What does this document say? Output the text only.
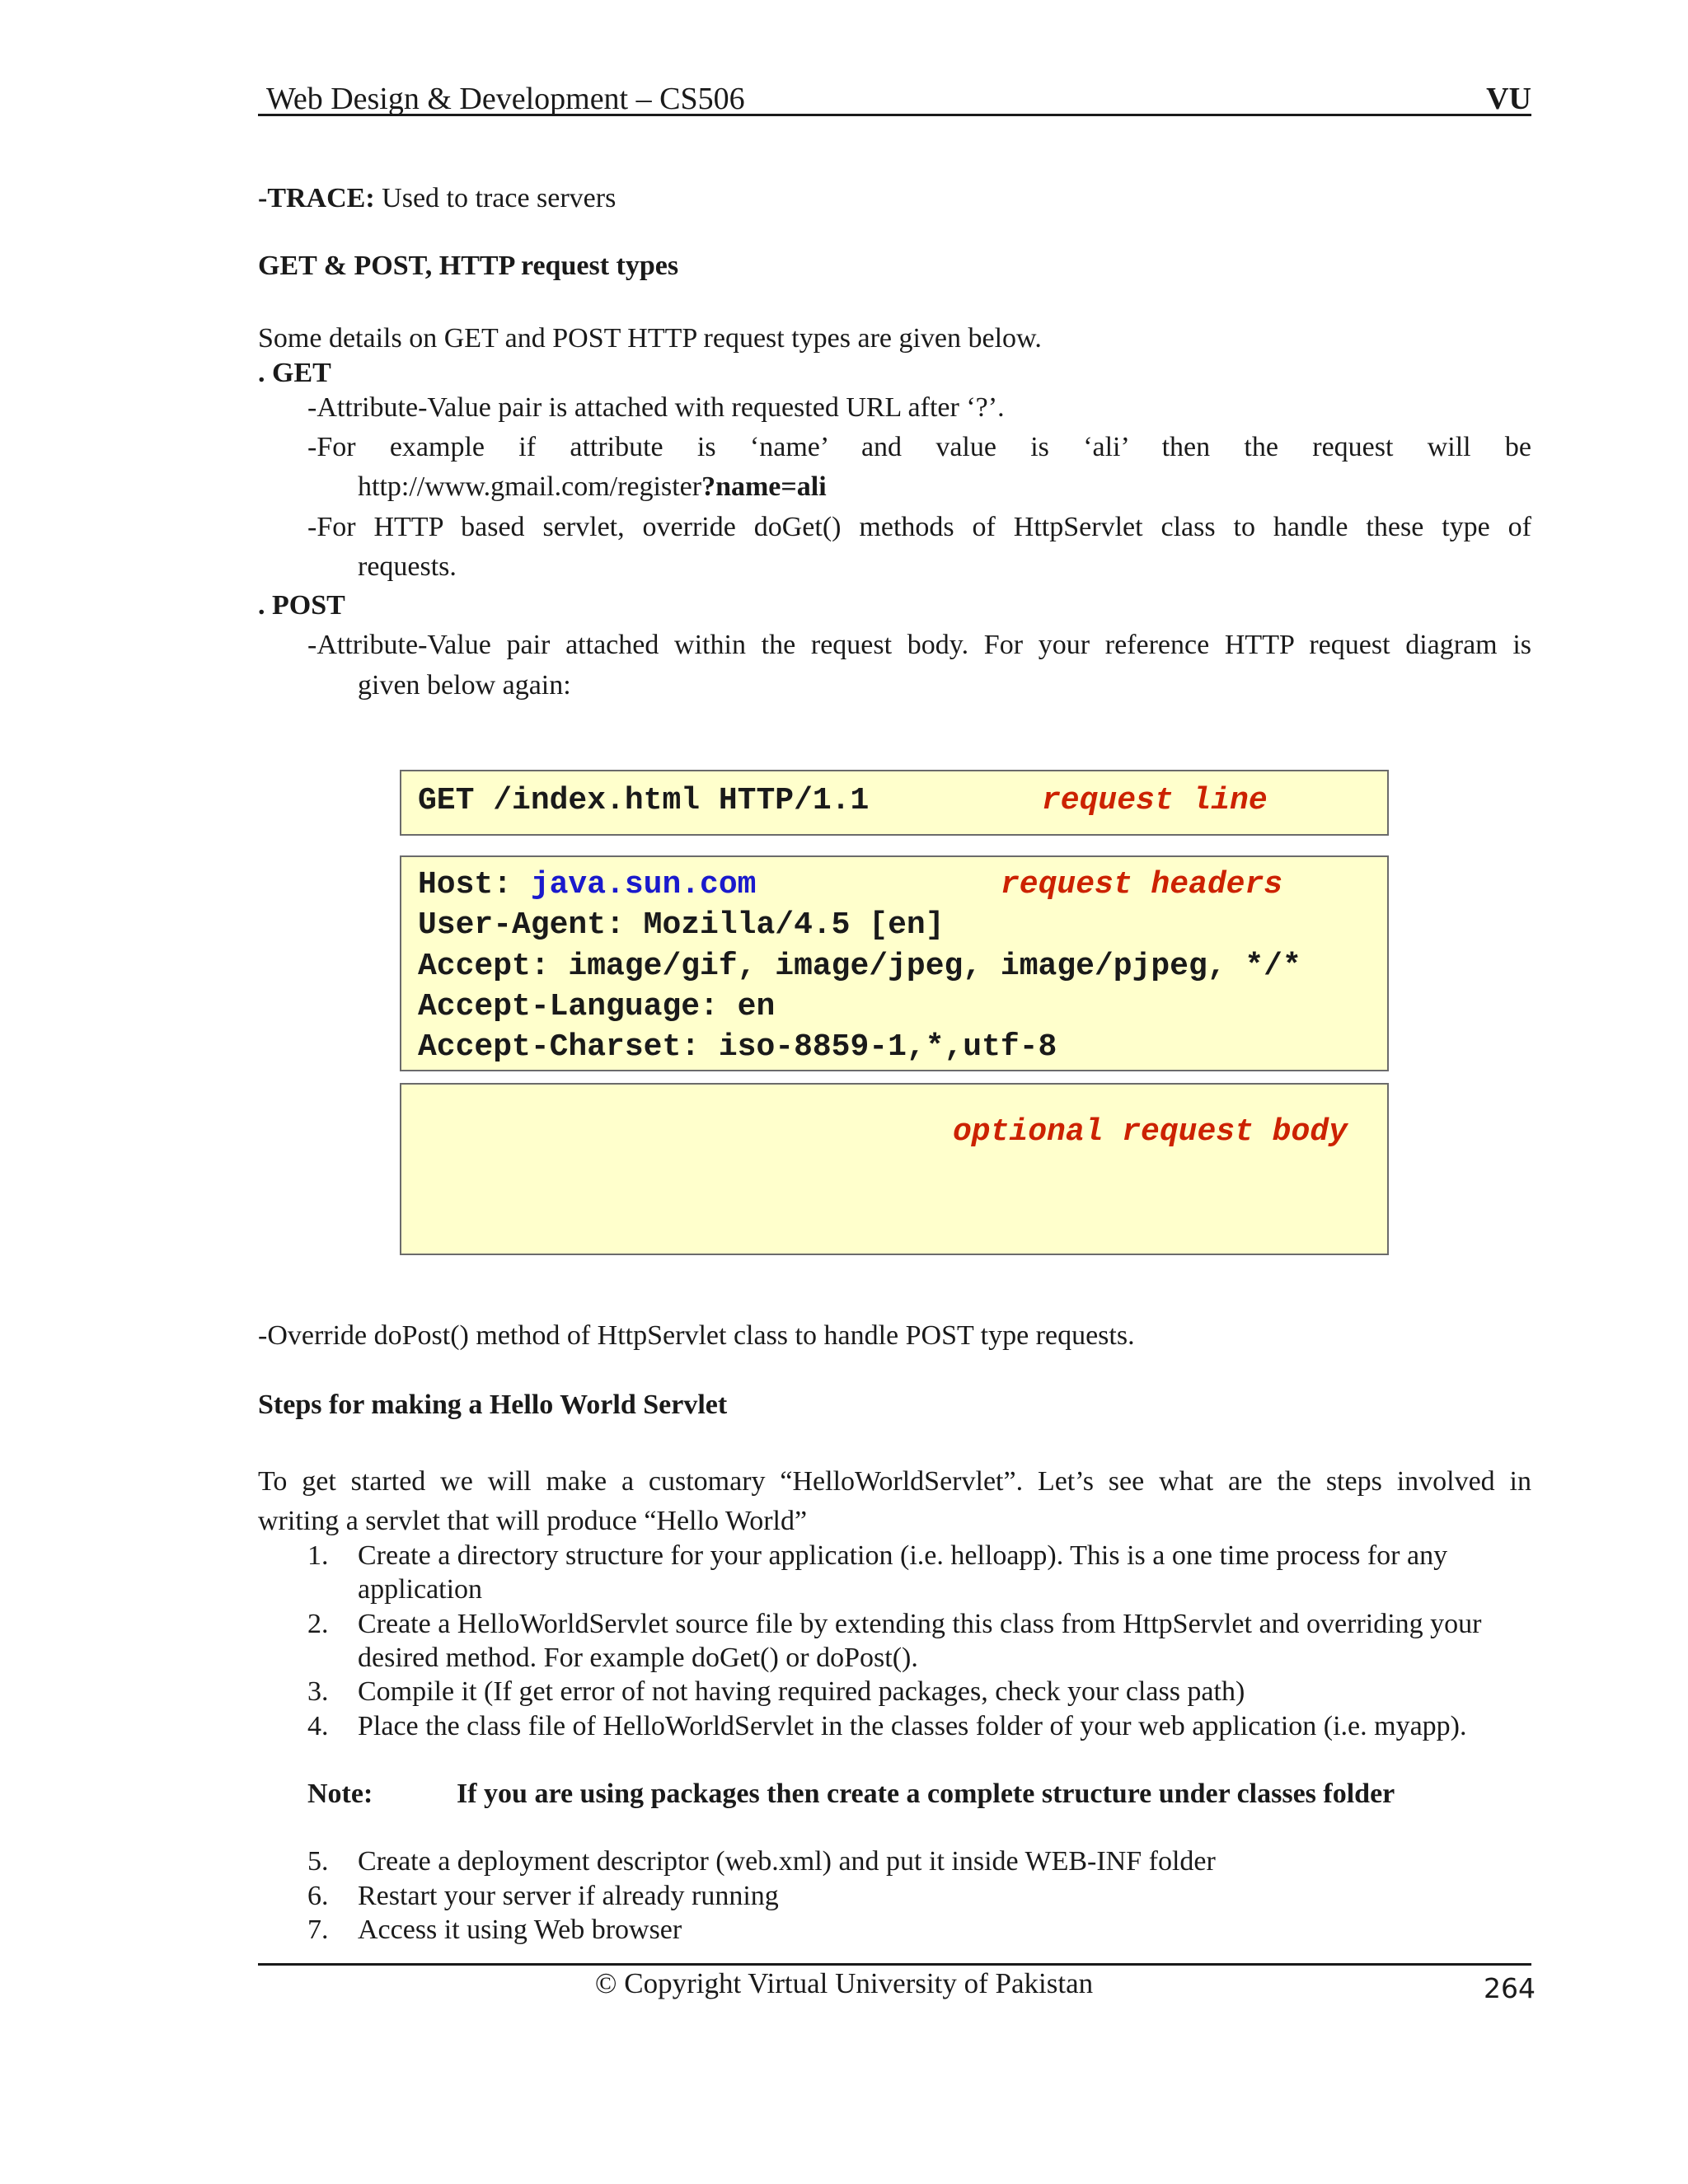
Web Design & Development – CS506	VU
-TRACE: Used to trace servers
GET & POST, HTTP request types
Some details on GET and POST HTTP request types are given below.
. GET
-Attribute-Value pair is attached with requested URL after ‘?’.
-For example if attribute is ‘name’ and value is ‘ali’ then the request will be
http://www.gmail.com/register?name=ali
-For HTTP based servlet, override doGet() methods of HttpServlet class to handle these type of
requests.
. POST
-Attribute-Value pair attached within the request body. For your reference HTTP request diagram is
given below again:
GET /index.html HTTP/1.1	request line
Host: java.sun.com	request headers
User-Agent: Mozilla/4.5 [en]
Accept: image/gif, image/jpeg, image/pjpeg, */*
Accept-Language: en
Accept-Charset: iso-8859-1,*,utf-8
optional request body
-Override doPost() method of HttpServlet class to handle POST type requests.
Steps for making a Hello World Servlet
To get started we will make a customary “HelloWorldServlet”. Let’s see what are the steps involved in
writing a servlet that will produce “Hello World”
1. Create a directory structure for your application (i.e. helloapp). This is a one time process for any
application
2. Create a HelloWorldServlet source file by extending this class from HttpServlet and overriding your
desired method. For example doGet() or doPost().
3. Compile it (If get error of not having required packages, check your class path)
4. Place the class file of HelloWorldServlet in the classes folder of your web application (i.e. myapp).
Note:	If you are using packages then create a complete structure under classes folder
5. Create a deployment descriptor (web.xml) and put it inside WEB-INF folder
6. Restart your server if already running
7. Access it using Web browser
© Copyright Virtual University of Pakistan	264
